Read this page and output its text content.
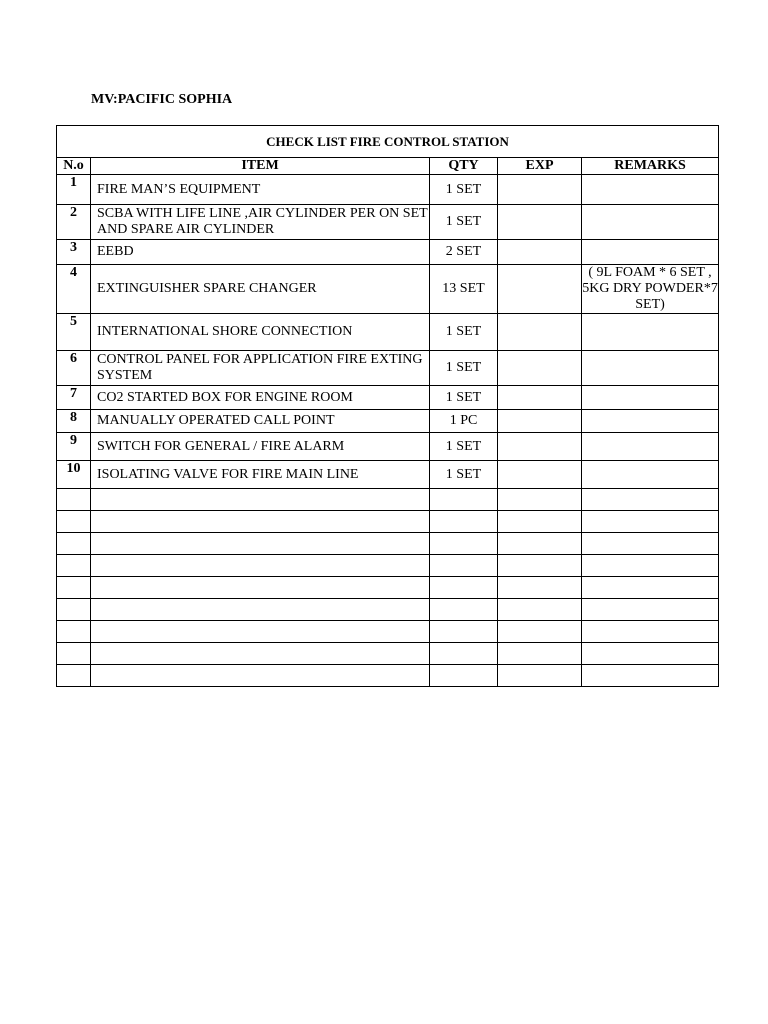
MV:PACIFIC SOPHIA
CHECK LIST FIRE CONTROL STATION				
N.o	ITEM	QTY	EXP	REMARKS
1	FIRE MAN’S EQUIPMENT	1 SET		
2	SCBA WITH LIFE LINE ,AIR CYLINDER PER ON SET AND SPARE AIR CYLINDER	1 SET		
3	EEBD	2 SET		
4	EXTINGUISHER SPARE CHANGER	13 SET		( 9L FOAM * 6 SET , 5KG DRY POWDER*7 SET)
5	INTERNATIONAL SHORE CONNECTION	1 SET		
6	CONTROL PANEL FOR APPLICATION FIRE EXTING SYSTEM	1 SET		
7	CO2 STARTED BOX FOR ENGINE ROOM	1 SET		
8	MANUALLY OPERATED CALL POINT	1 PC		
9	SWITCH FOR GENERAL / FIRE ALARM	1 SET		
10	ISOLATING VALVE FOR FIRE MAIN LINE	1 SET		
